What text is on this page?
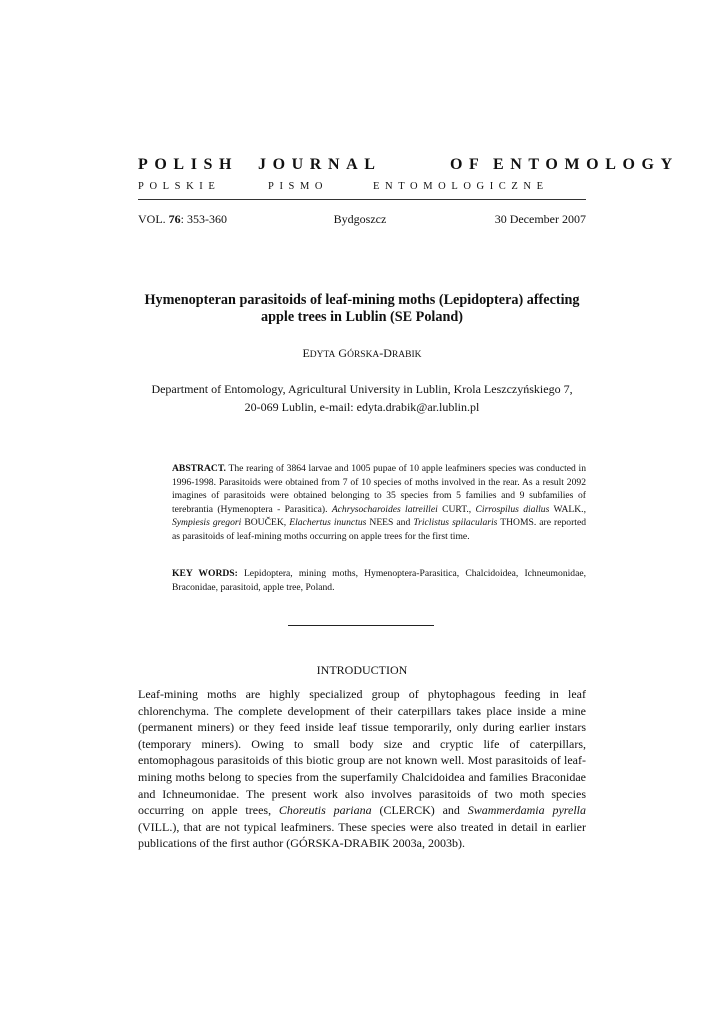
POLISH JOURNAL	OF ENTOMOLOGY
POLSKIE	PISMO	ENTOMOLOGICZNE
VOL. 76: 353-360	Bydgoszcz	30 December 2007
Hymenopteran parasitoids of leaf-mining moths (Lepidoptera) affecting
apple trees in Lublin (SE Poland)
EDYTA GÓRSKA-DRABIK
Department of Entomology, Agricultural University in Lublin, Krola Leszczyńskiego 7,
20-069 Lublin, e-mail: edyta.drabik@ar.lublin.pl
ABSTRACT. The rearing of 3864 larvae and 1005 pupae of 10 apple leafminers species was conducted in 1996-1998. Parasitoids were obtained from 7 of 10 species of moths involved in the rear. As a result 2092 imagines of parasitoids were obtained belonging to 35 species from 5 families and 9 subfamilies of terebrantia (Hymenoptera - Parasitica). Achrysocharoides latreillei CURT., Cirrospilus diallus WALK., Sympiesis gregori BOUČEK, Elachertus inunctus NEES and Triclistus spilacularis THOMS. are reported as parasitoids of leaf-mining moths occurring on apple trees for the first time.
KEY WORDS: Lepidoptera, mining moths, Hymenoptera-Parasitica, Chalcidoidea, Ichneumonidae, Braconidae, parasitoid, apple tree, Poland.
INTRODUCTION
Leaf-mining moths are highly specialized group of phytophagous feeding in leaf chlorenchyma. The complete development of their caterpillars takes place inside a mine (permanent miners) or they feed inside leaf tissue temporarily, only during earlier instars (temporary miners). Owing to small body size and cryptic life of caterpillars, entomophagous parasitoids of this biotic group are not known well. Most parasitoids of leaf-mining moths belong to species from the superfamily Chalcidoidea and families Braconidae and Ichneumonidae. The present work also involves parasitoids of two moth species occurring on apple trees, Choreutis pariana (CLERCK) and Swammerdamia pyrella (VILL.), that are not typical leafminers. These species were also treated in detail in earlier publications of the first author (GÓRSKA-DRABIK 2003a, 2003b).
